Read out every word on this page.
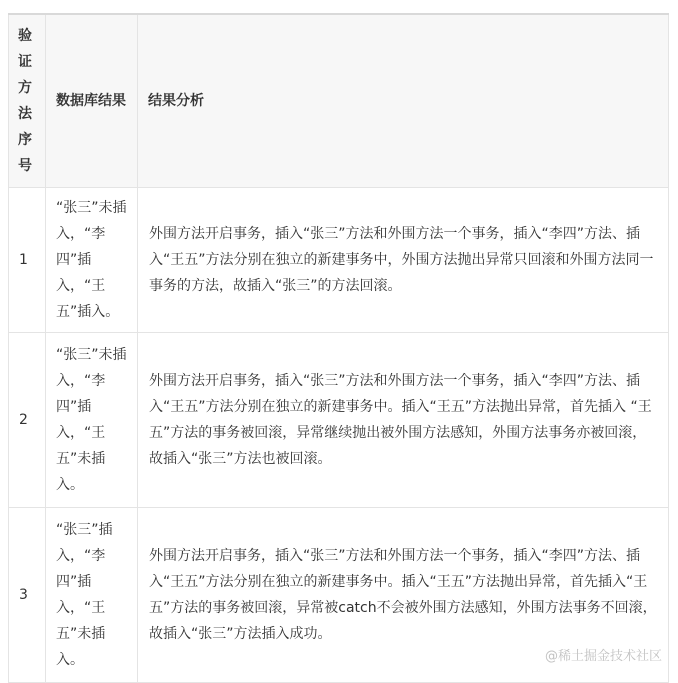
验证方法序号	数据库结果	结果分析

1	“张三”未插入，“李四”插入，“王五”插入。	外围方法开启事务，插入“张三”方法和外围方法一个事务，插入“李四”方法、插入“王五”方法分别在独立的新建事务中，外围方法抛出异常只回滚和外围方法同一事务的方法，故插入“张三”的方法回滚。

2	“张三”未插入，“李四”插入，“王五”未插入。	外围方法开启事务，插入“张三”方法和外围方法一个事务，插入“李四”方法、插入“王五”方法分别在独立的新建事务中。插入“王五”方法抛出异常，首先插入 “王五”方法的事务被回滚，异常继续抛出被外围方法感知，外围方法事务亦被回滚，故插入“张三”方法也被回滚。

3	“张三”插入，“李四”插入，“王五”未插入。	外围方法开启事务，插入“张三”方法和外围方法一个事务，插入“李四”方法、插入“王五”方法分别在独立的新建事务中。插入“王五”方法抛出异常，首先插入“王五”方法的事务被回滚，异常被catch不会被外围方法感知，外围方法事务不回滚，故插入“张三”方法插入成功。
@稀土掘金技术社区
